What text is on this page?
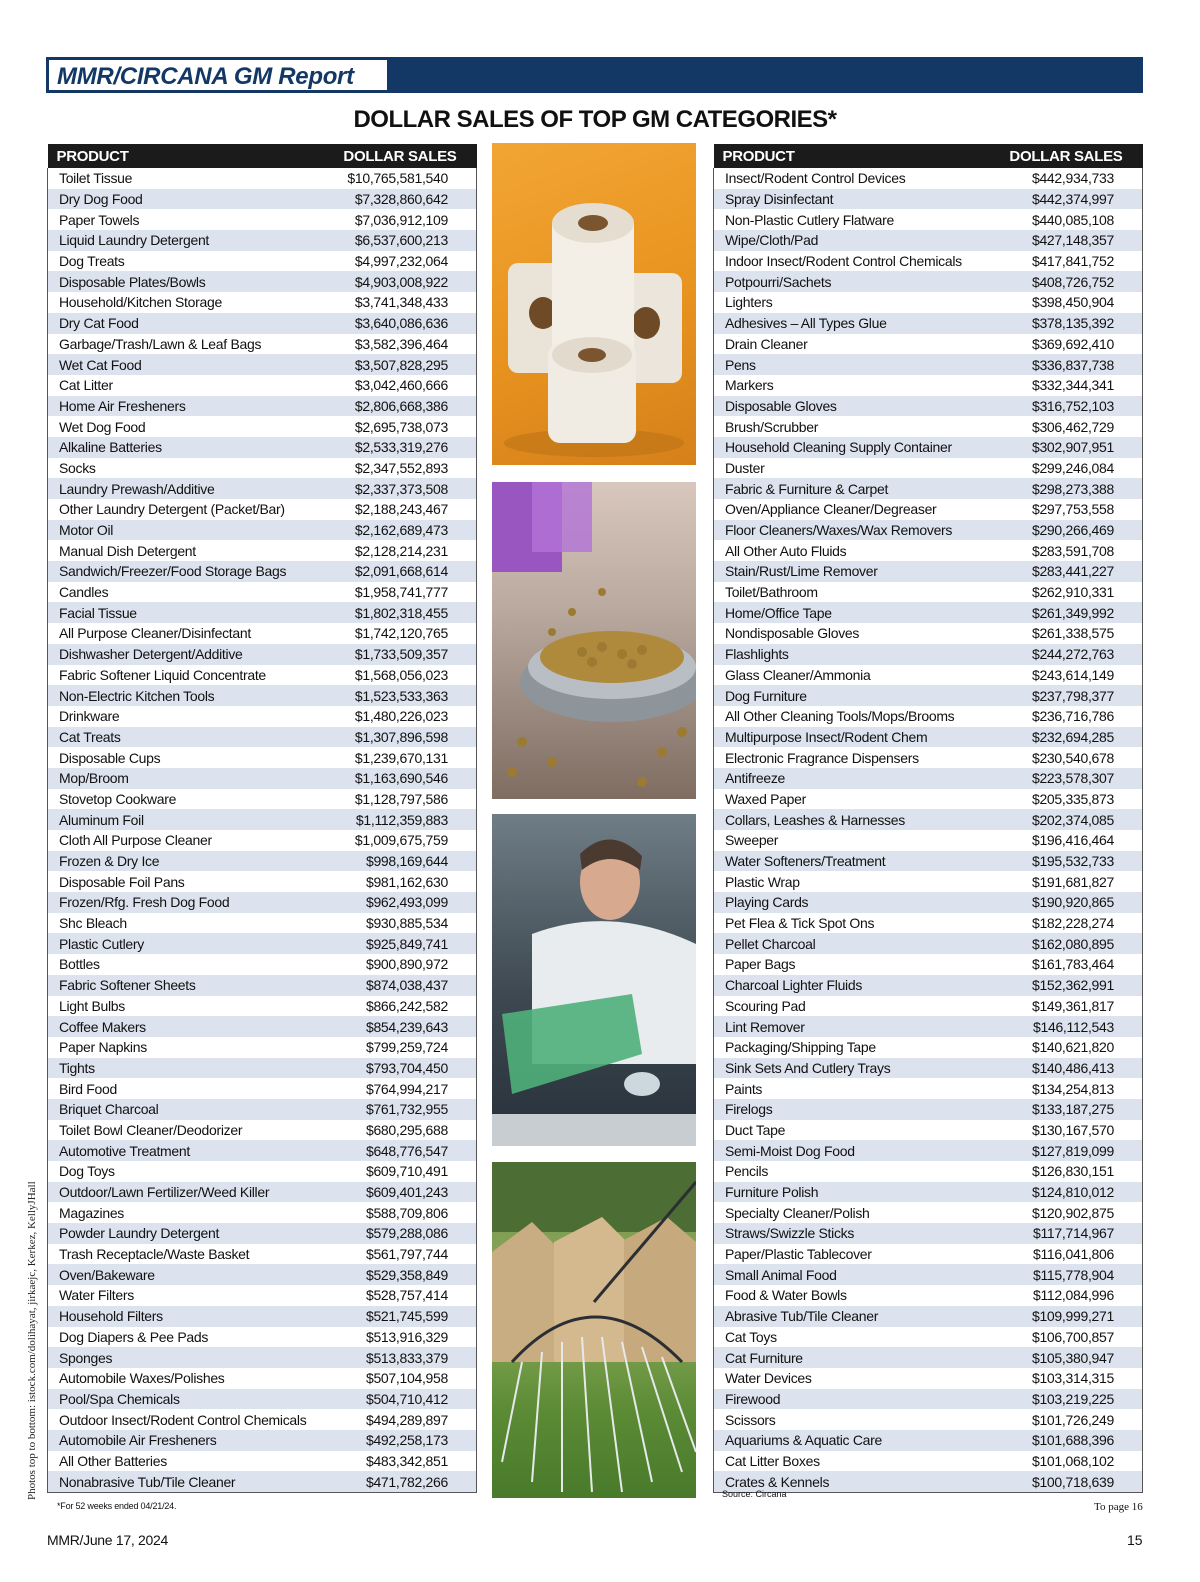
MMR/CIRCANA GM Report
DOLLAR SALES OF TOP GM CATEGORIES*
PRODUCT	DOLLAR SALES
Toilet Tissue	$10,765,581,540
Dry Dog Food	$7,328,860,642
Paper Towels	$7,036,912,109
Liquid Laundry Detergent	$6,537,600,213
Dog Treats	$4,997,232,064
Disposable Plates/Bowls	$4,903,008,922
Household/Kitchen Storage	$3,741,348,433
Dry Cat Food	$3,640,086,636
Garbage/Trash/Lawn & Leaf Bags	$3,582,396,464
Wet Cat Food	$3,507,828,295
Cat Litter	$3,042,460,666
Home Air Fresheners	$2,806,668,386
Wet Dog Food	$2,695,738,073
Alkaline Batteries	$2,533,319,276
Socks	$2,347,552,893
Laundry Prewash/Additive	$2,337,373,508
Other Laundry Detergent (Packet/Bar)	$2,188,243,467
Motor Oil	$2,162,689,473
Manual Dish Detergent	$2,128,214,231
Sandwich/Freezer/Food Storage Bags	$2,091,668,614
Candles	$1,958,741,777
Facial Tissue	$1,802,318,455
All Purpose Cleaner/Disinfectant	$1,742,120,765
Dishwasher Detergent/Additive	$1,733,509,357
Fabric Softener Liquid Concentrate	$1,568,056,023
Non-Electric Kitchen Tools	$1,523,533,363
Drinkware	$1,480,226,023
Cat Treats	$1,307,896,598
Disposable Cups	$1,239,670,131
Mop/Broom	$1,163,690,546
Stovetop Cookware	$1,128,797,586
Aluminum Foil	$1,112,359,883
Cloth All Purpose Cleaner	$1,009,675,759
Frozen & Dry Ice	$998,169,644
Disposable Foil Pans	$981,162,630
Frozen/Rfg. Fresh Dog Food	$962,493,099
Shc Bleach	$930,885,534
Plastic Cutlery	$925,849,741
Bottles	$900,890,972
Fabric Softener Sheets	$874,038,437
Light Bulbs	$866,242,582
Coffee Makers	$854,239,643
Paper Napkins	$799,259,724
Tights	$793,704,450
Bird Food	$764,994,217
Briquet Charcoal	$761,732,955
Toilet Bowl Cleaner/Deodorizer	$680,295,688
Automotive Treatment	$648,776,547
Dog Toys	$609,710,491
Outdoor/Lawn Fertilizer/Weed Killer	$609,401,243
Magazines	$588,709,806
Powder Laundry Detergent	$579,288,086
Trash Receptacle/Waste Basket	$561,797,744
Oven/Bakeware	$529,358,849
Water Filters	$528,757,414
Household Filters	$521,745,599
Dog Diapers & Pee Pads	$513,916,329
Sponges	$513,833,379
Automobile Waxes/Polishes	$507,104,958
Pool/Spa Chemicals	$504,710,412
Outdoor Insect/Rodent Control Chemicals	$494,289,897
Automobile Air Fresheners	$492,258,173
All Other Batteries	$483,342,851
Nonabrasive Tub/Tile Cleaner	$471,782,266
PRODUCT	DOLLAR SALES
Insect/Rodent Control Devices	$442,934,733
Spray Disinfectant	$442,374,997
Non-Plastic Cutlery Flatware	$440,085,108
Wipe/Cloth/Pad	$427,148,357
Indoor Insect/Rodent Control Chemicals	$417,841,752
Potpourri/Sachets	$408,726,752
Lighters	$398,450,904
Adhesives – All Types Glue	$378,135,392
Drain Cleaner	$369,692,410
Pens	$336,837,738
Markers	$332,344,341
Disposable Gloves	$316,752,103
Brush/Scrubber	$306,462,729
Household Cleaning Supply Container	$302,907,951
Duster	$299,246,084
Fabric & Furniture & Carpet	$298,273,388
Oven/Appliance Cleaner/Degreaser	$297,753,558
Floor Cleaners/Waxes/Wax Removers	$290,266,469
All Other Auto Fluids	$283,591,708
Stain/Rust/Lime Remover	$283,441,227
Toilet/Bathroom	$262,910,331
Home/Office Tape	$261,349,992
Nondisposable Gloves	$261,338,575
Flashlights	$244,272,763
Glass Cleaner/Ammonia	$243,614,149
Dog Furniture	$237,798,377
All Other Cleaning Tools/Mops/Brooms	$236,716,786
Multipurpose Insect/Rodent Chem	$232,694,285
Electronic Fragrance Dispensers	$230,540,678
Antifreeze	$223,578,307
Waxed Paper	$205,335,873
Collars, Leashes & Harnesses	$202,374,085
Sweeper	$196,416,464
Water Softeners/Treatment	$195,532,733
Plastic Wrap	$191,681,827
Playing Cards	$190,920,865
Pet Flea & Tick Spot Ons	$182,228,274
Pellet Charcoal	$162,080,895
Paper Bags	$161,783,464
Charcoal Lighter Fluids	$152,362,991
Scouring Pad	$149,361,817
Lint Remover	$146,112,543
Packaging/Shipping Tape	$140,621,820
Sink Sets And Cutlery Trays	$140,486,413
Paints	$134,254,813
Firelogs	$133,187,275
Duct Tape	$130,167,570
Semi-Moist Dog Food	$127,819,099
Pencils	$126,830,151
Furniture Polish	$124,810,012
Specialty Cleaner/Polish	$120,902,875
Straws/Swizzle Sticks	$117,714,967
Paper/Plastic Tablecover	$116,041,806
Small Animal Food	$115,778,904
Food & Water Bowls	$112,084,996
Abrasive Tub/Tile Cleaner	$109,999,271
Cat Toys	$106,700,857
Cat Furniture	$105,380,947
Water Devices	$103,314,315
Firewood	$103,219,225
Scissors	$101,726,249
Aquariums & Aquatic Care	$101,688,396
Cat Litter Boxes	$101,068,102
Crates & Kennels	$100,718,639
Photos top to bottom: istock.com/dolihayat, jirkaejc, Kerkez, KellyJHall
*For 52 weeks ended 04/21/24.
Source: Circana
To page 16
MMR/June 17, 2024	15
